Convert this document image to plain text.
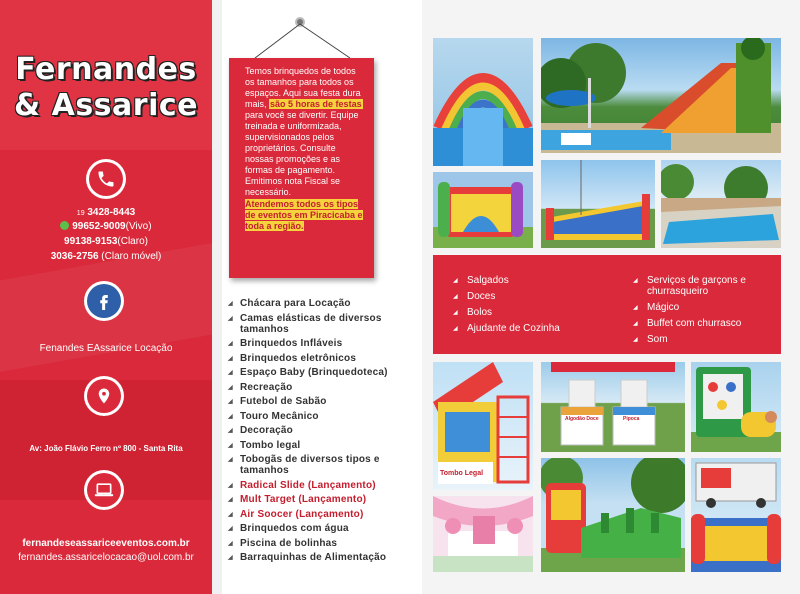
Fernandes
& Assarice
19 3428-8443
99652-9009(Vivo)
99138-9153(Claro)
3036-2756 (Claro móvel)
Fenandes EAssarice Locação
Av: João Flávio Ferro nº 800 - Santa Rita
fernandeseassariceeventos.com.br
fernandes.assaricelocacao@uol.com.br
Temos brinquedos de todos os tamanhos para todos os espaços. Aqui sua festa dura mais, são 5 horas de festas para você se divertir. Equipe treinada e uniformizada, supervisionados pelos proprietários. Consulte nossas promoções e as formas de pagamento. Emitimos nota Fiscal se necessário.
Atendemos todos os tipos de eventos em Piracicaba e toda a região.
◢ Chácara para Locação
◢ Camas elásticas de diversos tamanhos
◢ Brinquedos Infláveis
◢ Brinquedos eletrônicos
◢ Espaço Baby (Brinquedoteca)
◢ Recreação
◢ Futebol de Sabão
◢ Touro Mecânico
◢ Decoração
◢ Tombo legal
◢ Tobogãs de diversos tipos e tamanhos
◢ Radical Slide (Lançamento)
◢ Mult Target (Lançamento)
◢ Air Soocer (Lançamento)
◢ Brinquedos com água
◢ Piscina de bolinhas
◢ Barraquinhas de Alimentação
◢ Salgados
◢ Doces
◢ Bolos
◢ Ajudante de Cozinha
◢ Serviços de garçons e churrasqueiro
◢ Mágico
◢ Buffet com churrasco
◢ Som
Tombo Legal
Algodão Doce	Pipoca
